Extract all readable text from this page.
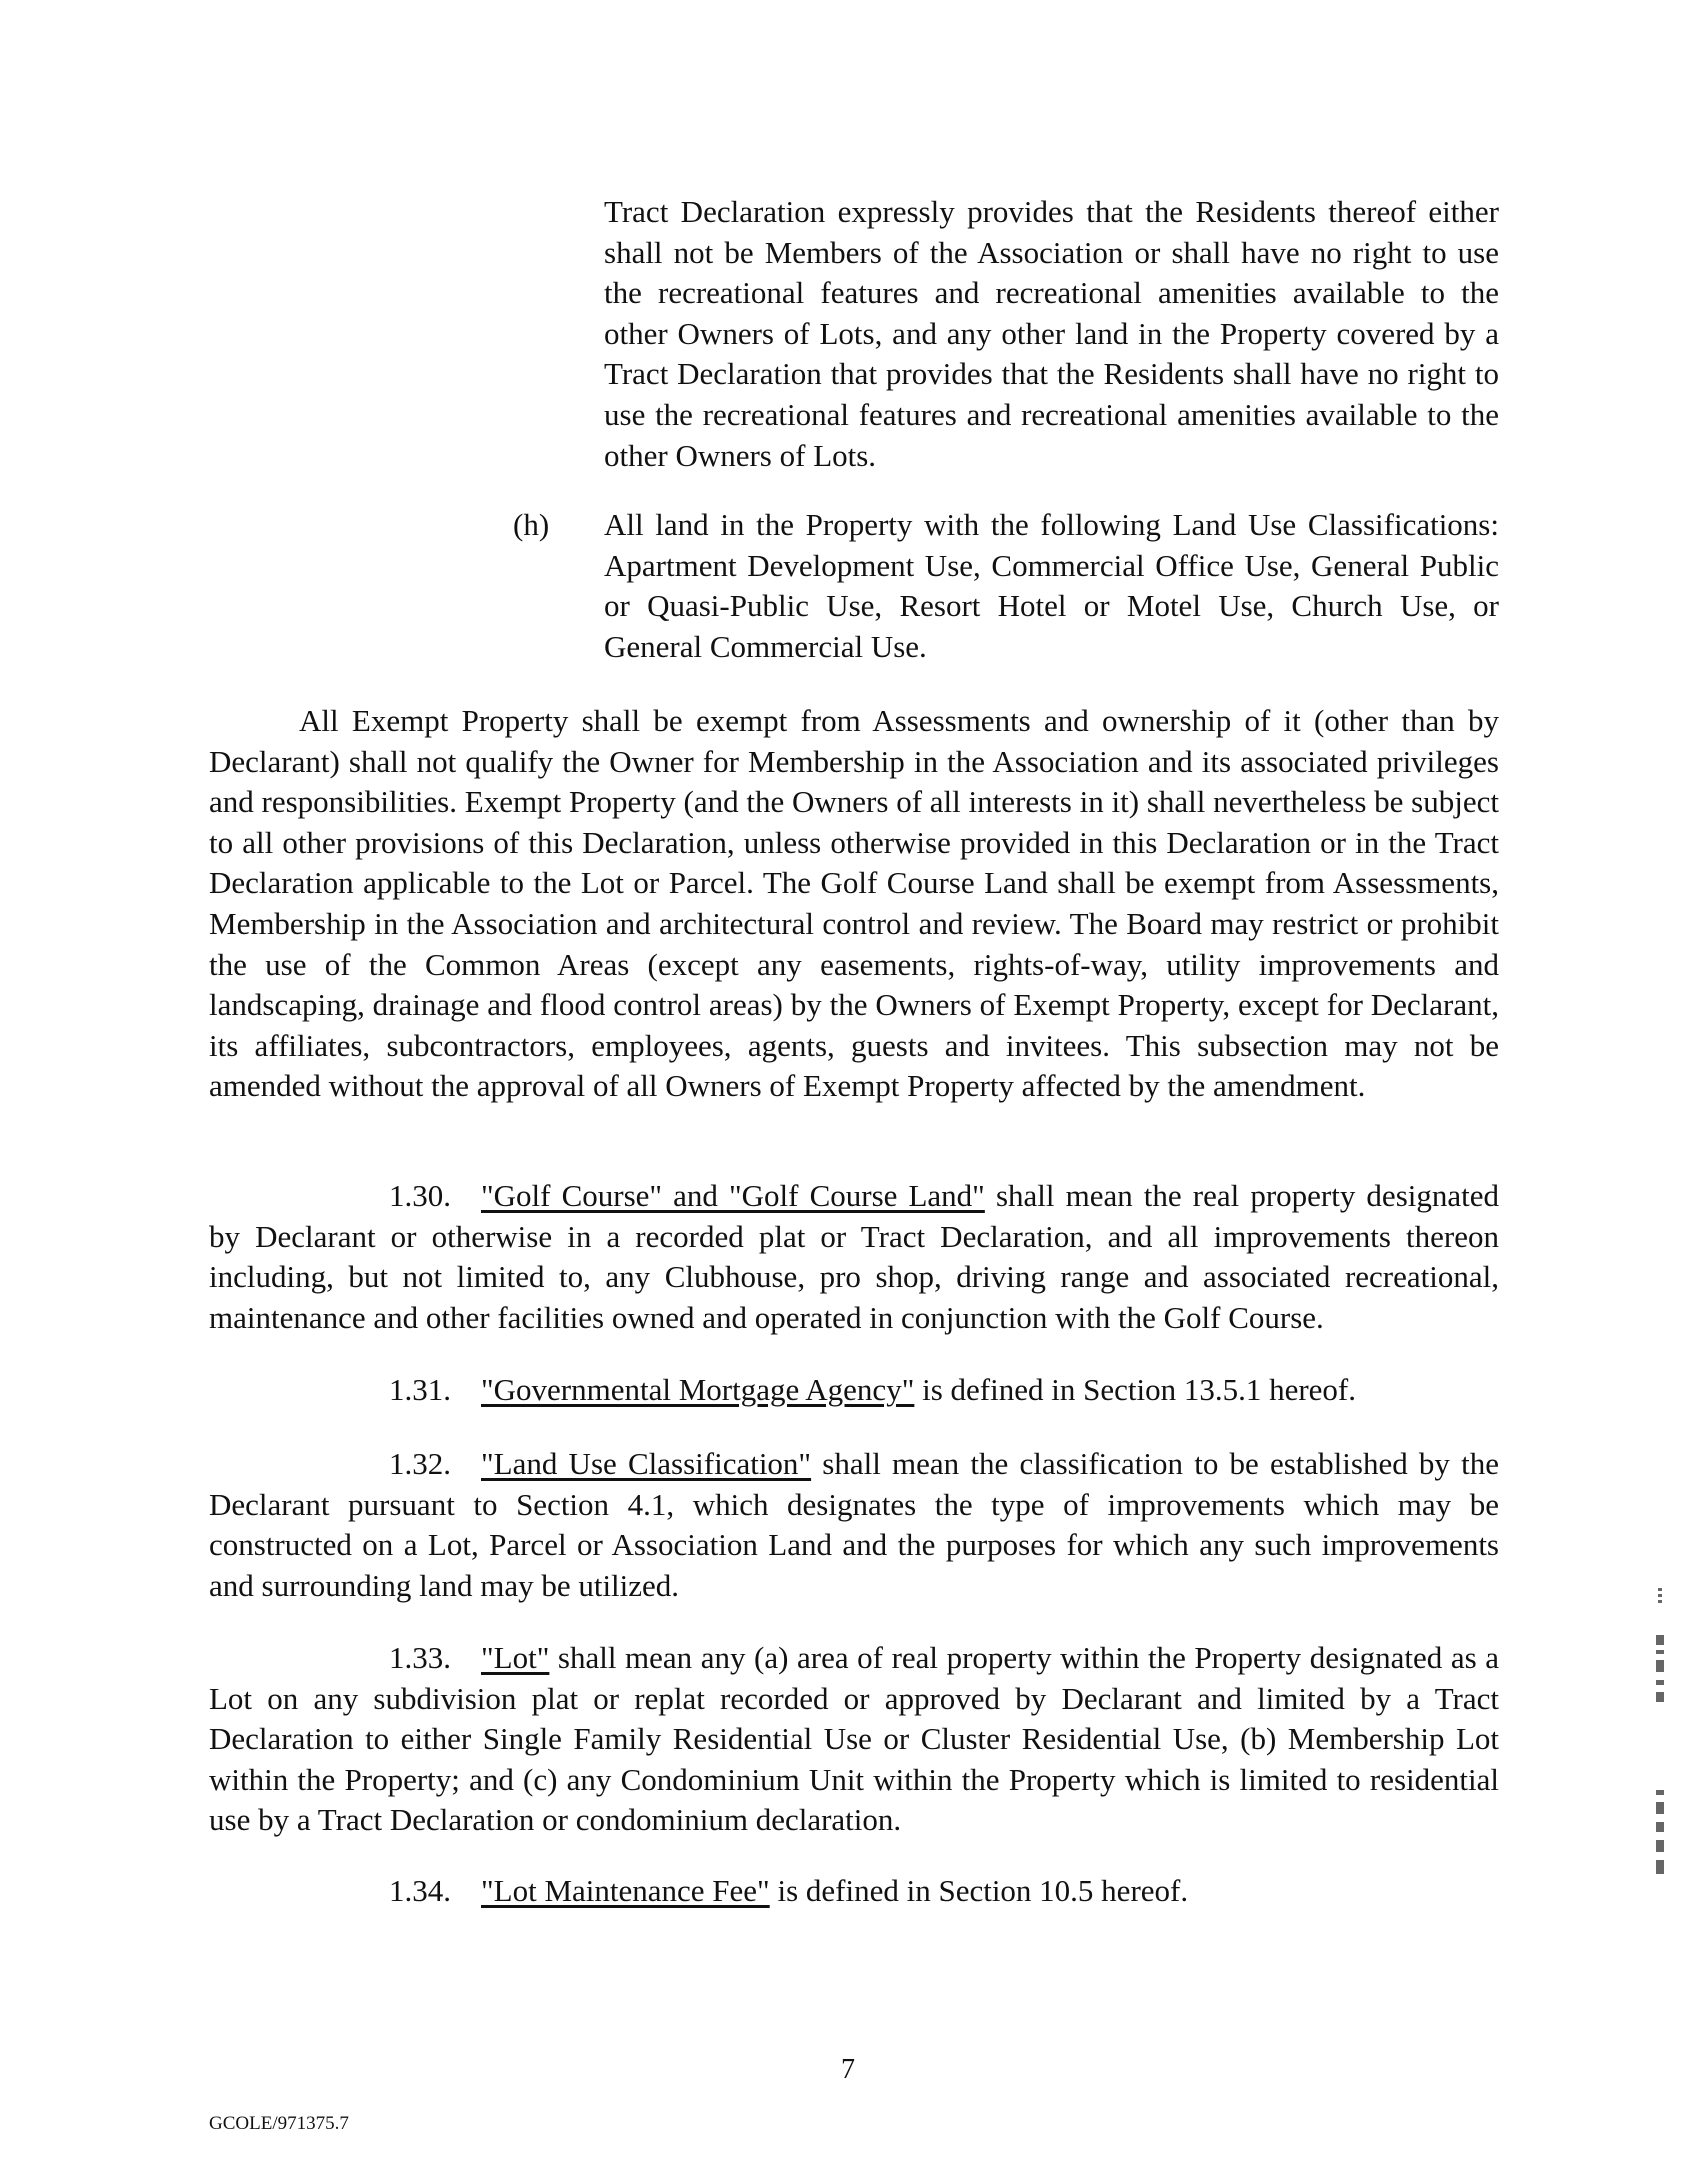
Tract Declaration expressly provides that the Residents thereof either shall not be Members of the Association or shall have no right to use the recreational features and recreational amenities available to the other Owners of Lots, and any other land in the Property covered by a Tract Declaration that provides that the Residents shall have no right to use the recreational features and recreational amenities available to the other Owners of Lots.

(h) All land in the Property with the following Land Use Classifications: Apartment Development Use, Commercial Office Use, General Public or Quasi-Public Use, Resort Hotel or Motel Use, Church Use, or General Commercial Use.

All Exempt Property shall be exempt from Assessments and ownership of it (other than by Declarant) shall not qualify the Owner for Membership in the Association and its associated privileges and responsibilities. Exempt Property (and the Owners of all interests in it) shall nevertheless be subject to all other provisions of this Declaration, unless otherwise provided in this Declaration or in the Tract Declaration applicable to the Lot or Parcel. The Golf Course Land shall be exempt from Assessments, Membership in the Association and architectural control and review. The Board may restrict or prohibit the use of the Common Areas (except any easements, rights-of-way, utility improvements and landscaping, drainage and flood control areas) by the Owners of Exempt Property, except for Declarant, its affiliates, subcontractors, employees, agents, guests and invitees. This subsection may not be amended without the approval of all Owners of Exempt Property affected by the amendment.

1.30. "Golf Course" and "Golf Course Land" shall mean the real property designated by Declarant or otherwise in a recorded plat or Tract Declaration, and all improvements thereon including, but not limited to, any Clubhouse, pro shop, driving range and associated recreational, maintenance and other facilities owned and operated in conjunction with the Golf Course.

1.31. "Governmental Mortgage Agency" is defined in Section 13.5.1 hereof.

1.32. "Land Use Classification" shall mean the classification to be established by the Declarant pursuant to Section 4.1, which designates the type of improvements which may be constructed on a Lot, Parcel or Association Land and the purposes for which any such improvements and surrounding land may be utilized.

1.33. "Lot" shall mean any (a) area of real property within the Property designated as a Lot on any subdivision plat or replat recorded or approved by Declarant and limited by a Tract Declaration to either Single Family Residential Use or Cluster Residential Use, (b) Membership Lot within the Property; and (c) any Condominium Unit within the Property which is limited to residential use by a Tract Declaration or condominium declaration.

1.34. "Lot Maintenance Fee" is defined in Section 10.5 hereof.

7
GCOLE/971375.7
